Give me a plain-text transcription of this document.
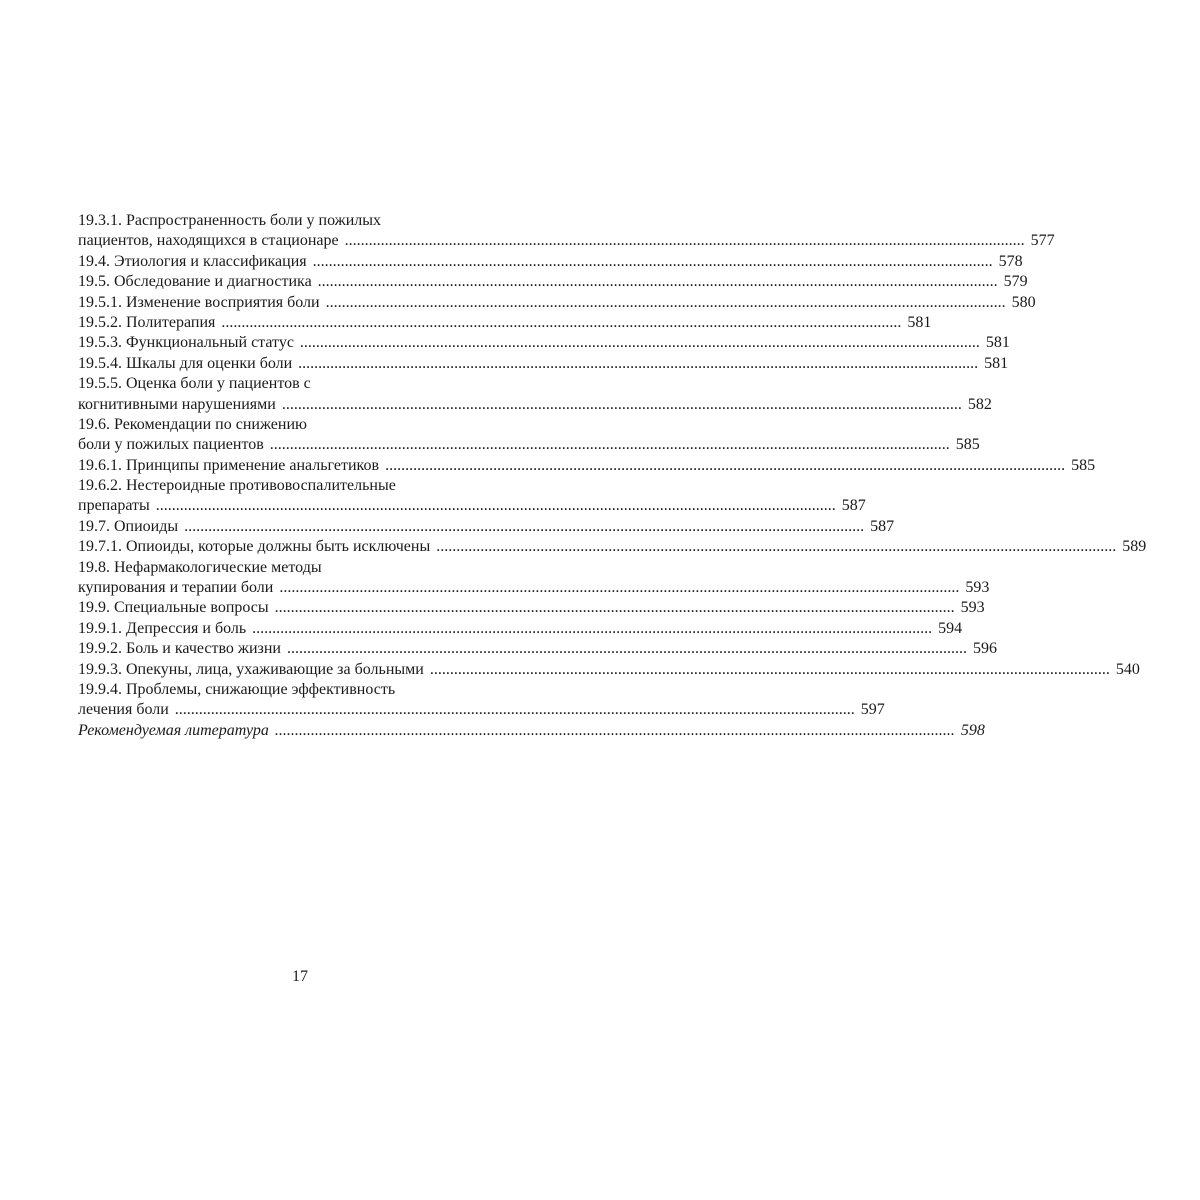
19.3.1. Распространенность боли у пожилых
пациентов, находящихся в стационаре .....	577
19.4. Этиология и классификация .....	578
19.5. Обследование и диагностика .....	579
19.5.1. Изменение восприятия боли .....	580
19.5.2. Политерапия .....	581
19.5.3. Функциональный статус .....	581
19.5.4. Шкалы для оценки боли .....	581
19.5.5. Оценка боли у пациентов с
когнитивными нарушениями .....	582
19.6. Рекомендации по снижению
боли у пожилых пациентов .....	585
19.6.1. Принципы применение анальгетиков .....	585
19.6.2. Нестероидные противовоспалительные
препараты .....	587
19.7. Опиоиды .....	587
19.7.1. Опиоиды, которые должны быть исключены .....	589
19.8. Нефармакологические методы
купирования и терапии боли .....	593
19.9. Специальные вопросы .....	593
19.9.1. Депрессия и боль .....	594
19.9.2. Боль и качество жизни .....	596
19.9.3. Опекуны, лица, ухаживающие за больными .....	540
19.9.4. Проблемы, снижающие эффективность
лечения боли .....	597
Рекомендуемая литература .....	598
17
